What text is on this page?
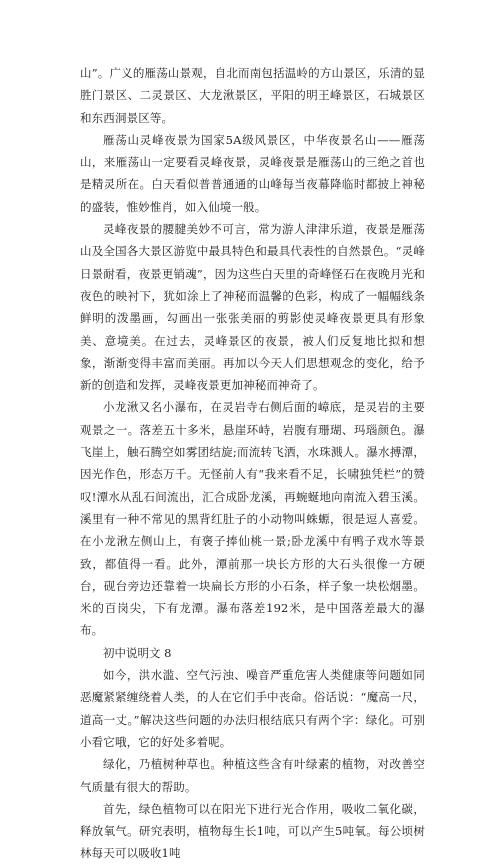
山”。广义的雁荡山景观，自北而南包括温岭的方山景区，乐清的显胜门景区、二灵景区、大龙湫景区，平阳的明王峰景区，石城景区和东西洞景区等。

雁荡山灵峰夜景为国家5A级风景区，中华夜景名山——雁荡山，来雁荡山一定要看灵峰夜景，灵峰夜景是雁荡山的三绝之首也是精灵所在。白天看似普普通通的山峰每当夜幕降临时都披上神秘的盛装，惟妙惟肖，如入仙境一般。

灵峰夜景的腰腱美妙不可言，常为游人津津乐道，夜景是雁荡山及全国各大景区游览中最具特色和最具代表性的自然景色。“灵峰日景耐看，夜景更销魂”，因为这些白天里的奇峰怪石在夜晚月光和夜色的映衬下，犹如涂上了神秘而温馨的色彩，构成了一幅幅线条鲜明的泼墨画，勾画出一张张美丽的剪影使灵峰夜景更具有形象美、意境美。在过去，灵峰景区的夜景，被人们反复地比拟和想象，渐渐变得丰富而美丽。再加以今天人们思想观念的变化，给予新的创造和发挥，灵峰夜景更加神秘而神奇了。

小龙湫又名小瀑布，在灵岩寺右侧后面的嶂底，是灵岩的主要观景之一。落差五十多米，悬崖环峙，岩腹有珊瑚、玛瑙颜色。瀑飞崖上，触石腾空如雾团结旋;而流转飞洒，水珠溅人。瀑水搏潭，因光作色，形态万千。无怪前人有“我来看不足，长啸独凭栏”的赞叹!潭水从乱石间流出，汇合成卧龙溪，再蜿蜒地向南流入碧玉溪。溪里有一种不常见的黑背红肚子的小动物叫蛛螈，很是逗人喜爱。在小龙湫左侧山上，有褒子捧仙桃一景;卧龙溪中有鸭子戏水等景致，都值得一看。此外，潭前那一块长方形的大石头很像一方硬台，砚台旁边还靠着一块扁长方形的小石条，样子象一块松烟墨。米的百岗尖，下有龙潭。瀑布落差192米，是中国落差最大的瀑布。

初中说明文 8

如今，洪水滥、空气污浊、噪音严重危害人类健康等问题如同恶魔紧紧缠绕着人类，的人在它们手中丧命。俗话说：“魔高一尺，道高一丈。”解决这些问题的办法归根结底只有两个字：绿化。可别小看它哦，它的好处多着呢。

绿化，乃植树种草也。种植这些含有叶绿素的植物，对改善空气质量有很大的帮助。

首先，绿色植物可以在阳光下进行光合作用，吸收二氧化碳，释放氧气。研究表明，植物每生长1吨，可以产生5吨氧。每公顷树林每天可以吸收1吨
